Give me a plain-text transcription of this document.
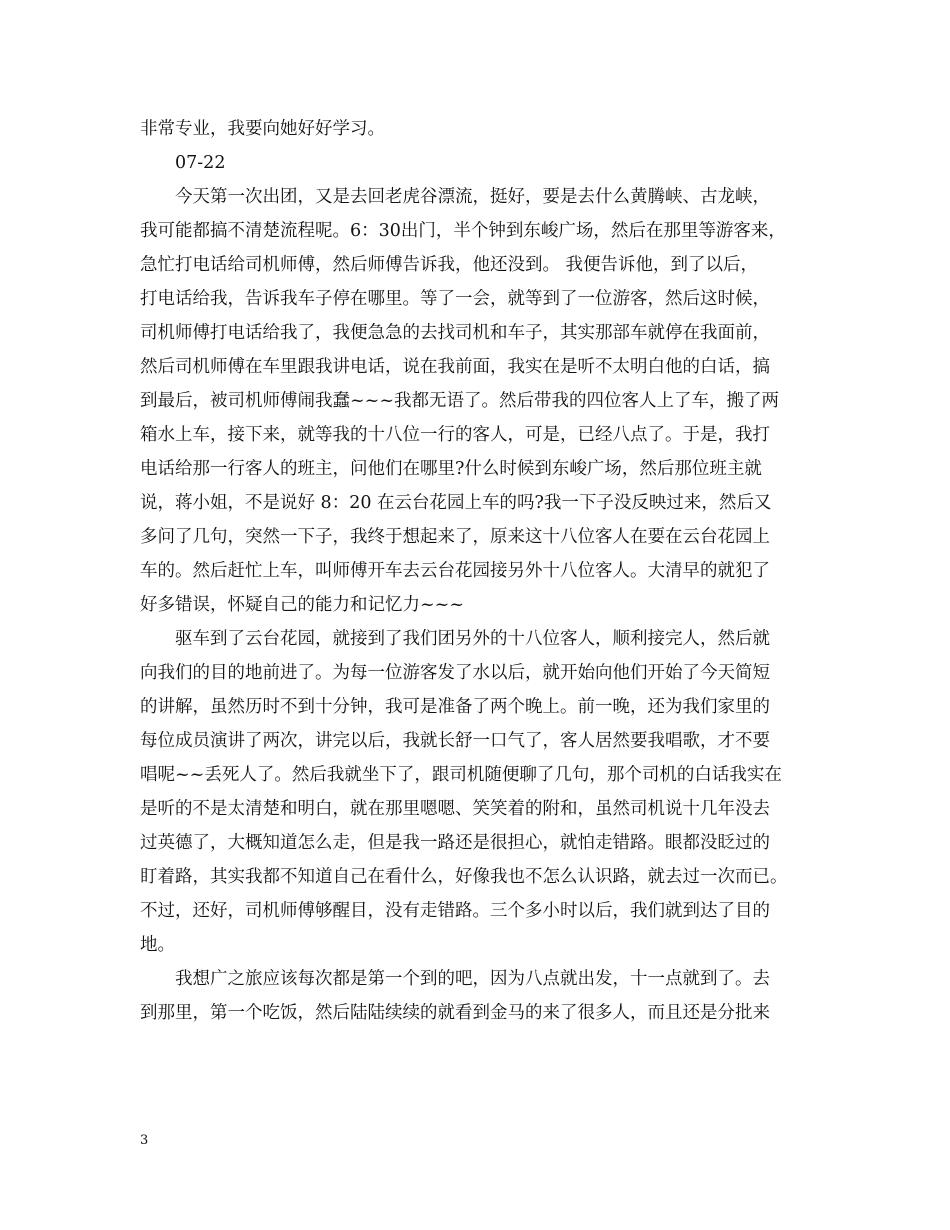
非常专业，我要向她好好学习。
07-22
今天第一次出团，又是去回老虎谷漂流，挺好，要是去什么黄腾峡、古龙峡，
我可能都搞不清楚流程呢。6：30出门，半个钟到东峻广场，然后在那里等游客来，
急忙打电话给司机师傅，然后师傅告诉我，他还没到。 我便告诉他，到了以后，
打电话给我，告诉我车子停在哪里。等了一会，就等到了一位游客，然后这时候，
司机师傅打电话给我了，我便急急的去找司机和车子，其实那部车就停在我面前，
然后司机师傅在车里跟我讲电话，说在我前面，我实在是听不太明白他的白话，搞
到最后，被司机师傅闹我蠢~~~我都无语了。然后带我的四位客人上了车，搬了两
箱水上车，接下来，就等我的十八位一行的客人，可是，已经八点了。于是，我打
电话给那一行客人的班主，问他们在哪里?什么时候到东峻广场，然后那位班主就
说，蒋小姐，不是说好 8：20 在云台花园上车的吗?我一下子没反映过来，然后又
多问了几句，突然一下子，我终于想起来了，原来这十八位客人在要在云台花园上
车的。然后赶忙上车，叫师傅开车去云台花园接另外十八位客人。大清早的就犯了
好多错误，怀疑自己的能力和记忆力~~~
驱车到了云台花园，就接到了我们团另外的十八位客人，顺利接完人，然后就
向我们的目的地前进了。为每一位游客发了水以后，就开始向他们开始了今天简短
的讲解，虽然历时不到十分钟，我可是准备了两个晚上。前一晚，还为我们家里的
每位成员演讲了两次，讲完以后，我就长舒一口气了，客人居然要我唱歌，才不要
唱呢~~丢死人了。然后我就坐下了，跟司机随便聊了几句，那个司机的白话我实在
是听的不是太清楚和明白，就在那里嗯嗯、笑笑着的附和，虽然司机说十几年没去
过英德了，大概知道怎么走，但是我一路还是很担心，就怕走错路。眼都没眨过的
盯着路，其实我都不知道自己在看什么，好像我也不怎么认识路，就去过一次而已。
不过，还好，司机师傅够醒目，没有走错路。三个多小时以后，我们就到达了目的
地。
我想广之旅应该每次都是第一个到的吧，因为八点就出发，十一点就到了。去
到那里，第一个吃饭，然后陆陆续续的就看到金马的来了很多人，而且还是分批来
3
